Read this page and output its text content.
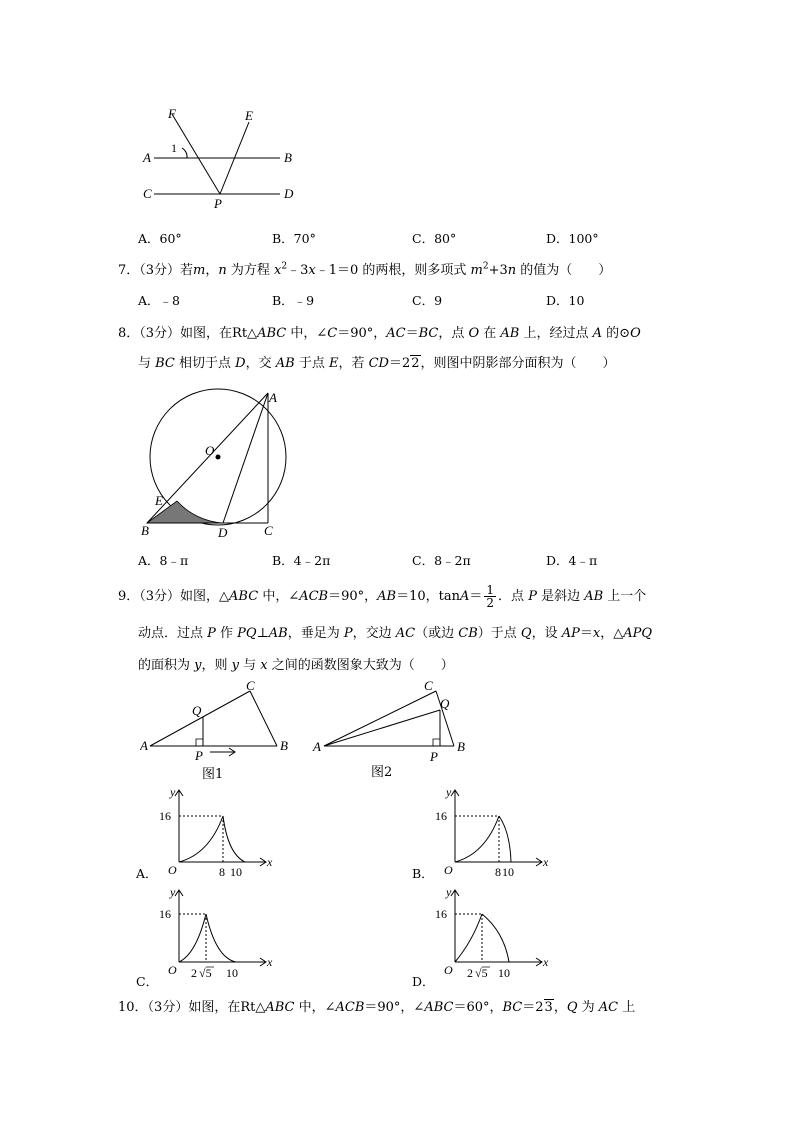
F	E
A
1
B
C	D
P
A．60°	B．70°	C．80°	D．100°
7．（3分）若m，n 为方程 $x^2﹣3x﹣1=0$ 的两根，则多项式 $m^2+3n$ 的值为（　　）
A．﹣8	B．﹣9	C．9	D．10
8．（3分）如图，在Rt△ABC 中，∠C＝90°，AC＝BC，点 O 在 AB 上，经过点 A 的⊙O
与 BC 相切于点 D，交 AB 于点 E，若 CD＝22，则图中阴影部分面积为（　　）
A
O
E
B	D	C
A．8﹣π	B．4﹣2π	C．8﹣2π	D．4﹣π
9．（3分）如图，△ABC 中，∠ACB＝90°，AB＝10，$\tan A= \frac{1}{2}$ ．点 P 是斜边 AB 上一个
动点．过点 P 作 PQ⊥AB，垂足为 P，交边 AC（或边 CB）于点 Q，设 AP＝x，△APQ
的面积为 y，则 y 与 x 之间的函数图象大致为（　　）
C
Q
A
P
B
图1
C
Q
A
P
B
图2
A．
y
x
O
16
8 10	B．
y
x
O
16
8 10
C．
y
x
O
16
2 √5 10
D．
y
x
O
16
2 √5 10
10．（3分）如图，在Rt△ABC 中，∠ACB＝90°，∠ABC＝60°，BC＝23，Q 为 AC 上
